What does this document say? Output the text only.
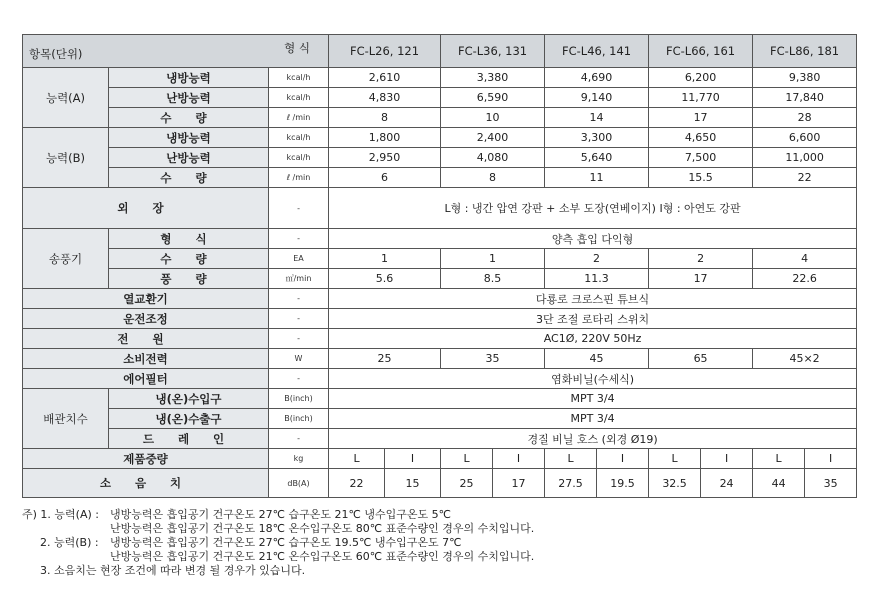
항목(단위) 형 식			FC-L26, 121		FC-L36, 131		FC-L46, 141		FC-L66, 161		FC-L86, 181	
능력(A)	냉방능력	kcal/h	2,610		3,380		4,690		6,200		9,380	
	난방능력	kcal/h	4,830		6,590		9,140		11,770		17,840	
	수 량	ℓ /min	8		10		14		17		28	
능력(B)	냉방능력	kcal/h	1,800		2,400		3,300		4,650		6,600	
	난방능력	kcal/h	2,950		4,080		5,640		7,500		11,000	
	수 량	ℓ /min	6		8		11		15.5		22	
외 장		-	L형 : 냉간 압연 강판 + 소부 도장(연베이지) I형 : 아연도 강판									
송풍기	형 식	-	양측 흡입 다익형									
	수 량	EA	1		1		2		2		4	
	풍 량	㎥/min	5.6		8.5		11.3		17		22.6	
열교환기		-	다룡로 크로스핀 튜브식									
운전조정		-	3단 조절 로타리 스위치									
전 원		-	AC1Ø, 220V 50Hz									
소비전력		W	25		35		45		65		45×2	
에어필터		-	염화비닐(수세식)									
배관치수	냉(온)수입구	B(inch)	MPT 3/4									
	냉(온)수출구	B(inch)	MPT 3/4									
	드 레 인	-	경질 비닐 호스 (외경 Ø19)									
제품중량		kg	L	I	L	I	L	I	L	I	L	I
소 음 치		dB(A)	22	15	25	17	27.5	19.5	32.5	24	44	35
주) 1. 능력(A) :	냉방능력은 흡입공기 건구온도 27℃ 습구온도 21℃ 냉수입구온도 5℃
난방능력은 흡입공기 건구온도 18℃ 온수입구온도 80℃ 표준수량인 경우의 수치입니다.
2. 능력(B) :	냉방능력은 흡입공기 건구온도 27℃ 습구온도 19.5℃ 냉수입구온도 7℃
난방능력은 흡입공기 건구온도 21℃ 온수입구온도 60℃ 표준수량인 경우의 수치입니다.
3. 소음치는 현장 조건에 따라 변경 될 경우가 있습니다.
